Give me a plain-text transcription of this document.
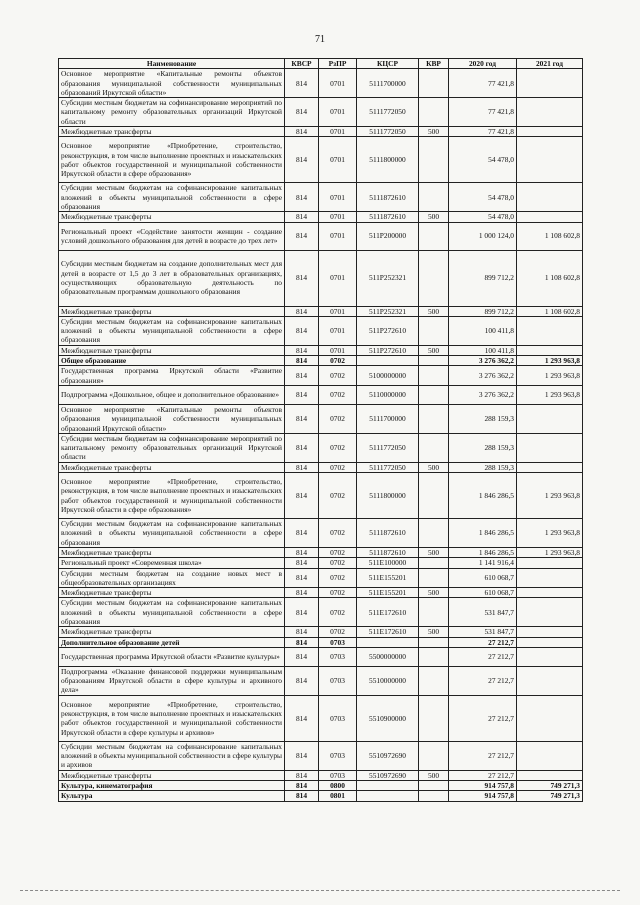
71
Наименование	КВСР	РзПР	КЦСР	КВР	2020 год	2021 год
Основное мероприятие «Капитальные ремонты объектов образования муниципальной собственности муниципальных образований Иркутской области»	814	0701	5111700000		77 421,8	
Субсидии местным бюджетам на софинансирование мероприятий по капитальному ремонту образовательных организаций Иркутской области	814	0701	5111772050		77 421,8	
Межбюджетные трансферты	814	0701	5111772050	500	77 421,8	
Основное мероприятие «Приобретение, строительство, реконструкция, в том числе выполнение проектных и изыскательских работ объектов государственной и муниципальной собственности Иркутской области в сфере образования»	814	0701	5111800000		54 478,0	
Субсидии местным бюджетам на софинансирование капитальных вложений в объекты муниципальной собственности в сфере образования	814	0701	5111872610		54 478,0	
Межбюджетные трансферты	814	0701	5111872610	500	54 478,0	
Региональный проект «Содействие занятости женщин - создание условий дошкольного образования для детей в возрасте до трех лет»	814	0701	511P200000		1 000 124,0	1 108 602,8
Субсидии местным бюджетам на создание дополнительных мест для детей в возрасте от 1,5 до 3 лет в образовательных организациях, осуществляющих образовательную деятельность по образовательным программам дошкольного образования	814	0701	511P252321		899 712,2	1 108 602,8
Межбюджетные трансферты	814	0701	511P252321	500	899 712,2	1 108 602,8
Субсидии местным бюджетам на софинансирование капитальных вложений в объекты муниципальной собственности в сфере образования	814	0701	511P272610		100 411,8	
Межбюджетные трансферты	814	0701	511P272610	500	100 411,8	
Общее образование	814	0702			3 276 362,2	1 293 963,8
Государственная программа Иркутской области «Развитие образования»	814	0702	5100000000		3 276 362,2	1 293 963,8
Подпрограмма «Дошкольное, общее и дополнительное образование»	814	0702	5110000000		3 276 362,2	1 293 963,8
Основное мероприятие «Капитальные ремонты объектов образования муниципальной собственности муниципальных образований Иркутской области»	814	0702	5111700000		288 159,3	
Субсидии местным бюджетам на софинансирование мероприятий по капитальному ремонту образовательных организаций Иркутской области	814	0702	5111772050		288 159,3	
Межбюджетные трансферты	814	0702	5111772050	500	288 159,3	
Основное мероприятие «Приобретение, строительство, реконструкция, в том числе выполнение проектных и изыскательских работ объектов государственной и муниципальной собственности Иркутской области в сфере образования»	814	0702	5111800000		1 846 286,5	1 293 963,8
Субсидии местным бюджетам на софинансирование капитальных вложений в объекты муниципальной собственности в сфере образования	814	0702	5111872610		1 846 286,5	1 293 963,8
Межбюджетные трансферты	814	0702	5111872610	500	1 846 286,5	1 293 963,8
Региональный проект «Современная школа»	814	0702	511E100000		1 141 916,4	
Субсидии местным бюджетам на создание новых мест в общеобразовательных организациях	814	0702	511E155201		610 068,7	
Межбюджетные трансферты	814	0702	511E155201	500	610 068,7	
Субсидии местным бюджетам на софинансирование капитальных вложений в объекты муниципальной собственности в сфере образования	814	0702	511E172610		531 847,7	
Межбюджетные трансферты	814	0702	511E172610	500	531 847,7	
Дополнительное образование детей	814	0703			27 212,7	
Государственная программа Иркутской области «Развитие культуры»	814	0703	5500000000		27 212,7	
Подпрограмма «Оказание финансовой поддержки муниципальным образованиям Иркутской области в сфере культуры и архивного дела»	814	0703	5510000000		27 212,7	
Основное мероприятие «Приобретение, строительство, реконструкция, в том числе выполнение проектных и изыскательских работ объектов государственной и муниципальной собственности Иркутской области в сфере культуры и архивов»	814	0703	5510900000		27 212,7	
Субсидии местным бюджетам на софинансирование капитальных вложений в объекты муниципальной собственности в сфере культуры и архивов	814	0703	5510972690		27 212,7	
Межбюджетные трансферты	814	0703	5510972690	500	27 212,7	
Культура, кинематография	814	0800			914 757,8	749 271,3
Культура	814	0801			914 757,8	749 271,3
